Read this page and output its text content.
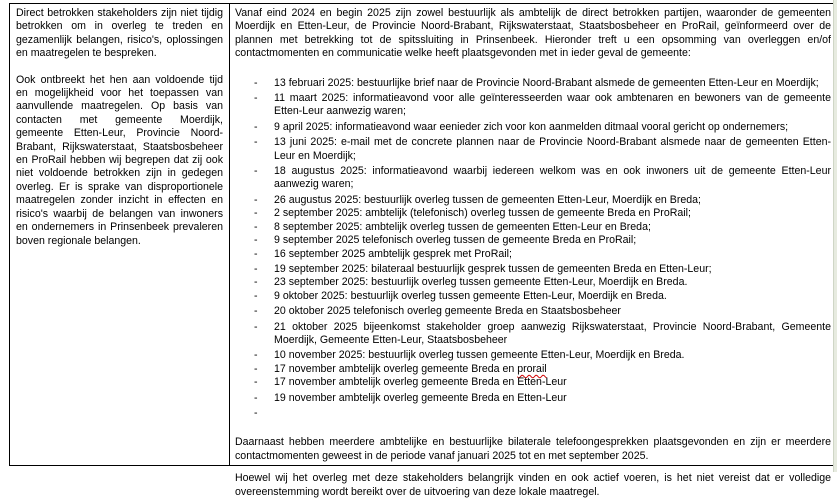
Direct betrokken stakeholders zijn niet tijdig betrokken om in overleg te treden en gezamenlijk belangen, risico's, oplossingen en maatregelen te bespreken.

Ook ontbreekt het hen aan voldoende tijd en mogelijkheid voor het toepassen van aanvullende maatregelen. Op basis van contacten met gemeente Moerdijk, gemeente Etten-Leur, Provincie Noord-Brabant, Rijkswaterstaat, Staatsbosbeheer en ProRail hebben wij begrepen dat zij ook niet voldoende betrokken zijn in gedegen overleg. Er is sprake van disproportionele maatregelen zonder inzicht in effecten en risico's waarbij de belangen van inwoners en ondernemers in Prinsenbeek prevaleren boven regionale belangen.

Vanaf eind 2024 en begin 2025 zijn zowel bestuurlijk als ambtelijk de direct betrokken partijen, waaronder de gemeenten Moerdijk en Etten-Leur, de Provincie Noord-Brabant, Rijkswaterstaat, Staatsbosbeheer en ProRail, geïnformeerd over de plannen met betrekking tot de spitssluiting in Prinsenbeek. Hieronder treft u een opsomming van overleggen en/of contactmomenten en communicatie welke heeft plaatsgevonden met in ieder geval de gemeente:

- 13 februari 2025: bestuurlijke brief naar de Provincie Noord-Brabant alsmede de gemeenten Etten-Leur en Moerdijk;
- 11 maart 2025: informatieavond voor alle geïnteresseerden waar ook ambtenaren en bewoners van de gemeente Etten-Leur aanwezig waren;
- 9 april 2025: informatieavond waar eenieder zich voor kon aanmelden ditmaal vooral gericht op ondernemers;
- 13 juni 2025: e-mail met de concrete plannen naar de Provincie Noord-Brabant alsmede naar de gemeenten Etten-Leur en Moerdijk;
- 18 augustus 2025: informatieavond waarbij iedereen welkom was en ook inwoners uit de gemeente Etten-Leur aanwezig waren;
- 26 augustus 2025: bestuurlijk overleg tussen de gemeenten Etten-Leur, Moerdijk en Breda;
- 2 september 2025: ambtelijk (telefonisch) overleg tussen de gemeente Breda en ProRail;
- 8 september 2025: ambtelijk overleg tussen de gemeenten Etten-Leur en Breda;
- 9 september 2025 telefonisch overleg tussen de gemeente Breda en ProRail;
- 16 september 2025 ambtelijk gesprek met ProRail;
- 19 september 2025: bilateraal bestuurlijk gesprek tussen de gemeenten Breda en Etten-Leur;
- 23 september 2025: bestuurlijk overleg tussen gemeente Etten-Leur, Moerdijk en Breda.
- 9 oktober 2025: bestuurlijk overleg tussen gemeente Etten-Leur, Moerdijk en Breda.
- 20 oktober 2025 telefonisch overleg gemeente Breda en Staatsbosbeheer
- 21 oktober 2025 bijeenkomst stakeholder groep aanwezig Rijkswaterstaat, Provincie Noord-Brabant, Gemeente Moerdijk, Gemeente Etten-Leur, Staatsbosbeheer
- 10 november 2025: bestuurlijk overleg tussen gemeente Etten-Leur, Moerdijk en Breda.
- 17 november ambtelijk overleg gemeente Breda en prorail
- 17 november ambtelijk overleg gemeente Breda en Etten-Leur
- 19 november ambtelijk overleg gemeente Breda en Etten-Leur
-

Daarnaast hebben meerdere ambtelijke en bestuurlijke bilaterale telefoongesprekken plaatsgevonden en zijn er meerdere contactmomenten geweest in de periode vanaf januari 2025 tot en met september 2025.

Hoewel wij het overleg met deze stakeholders belangrijk vinden en ook actief voeren, is het niet vereist dat er volledige overeenstemming wordt bereikt over de uitvoering van deze lokale maatregel.
